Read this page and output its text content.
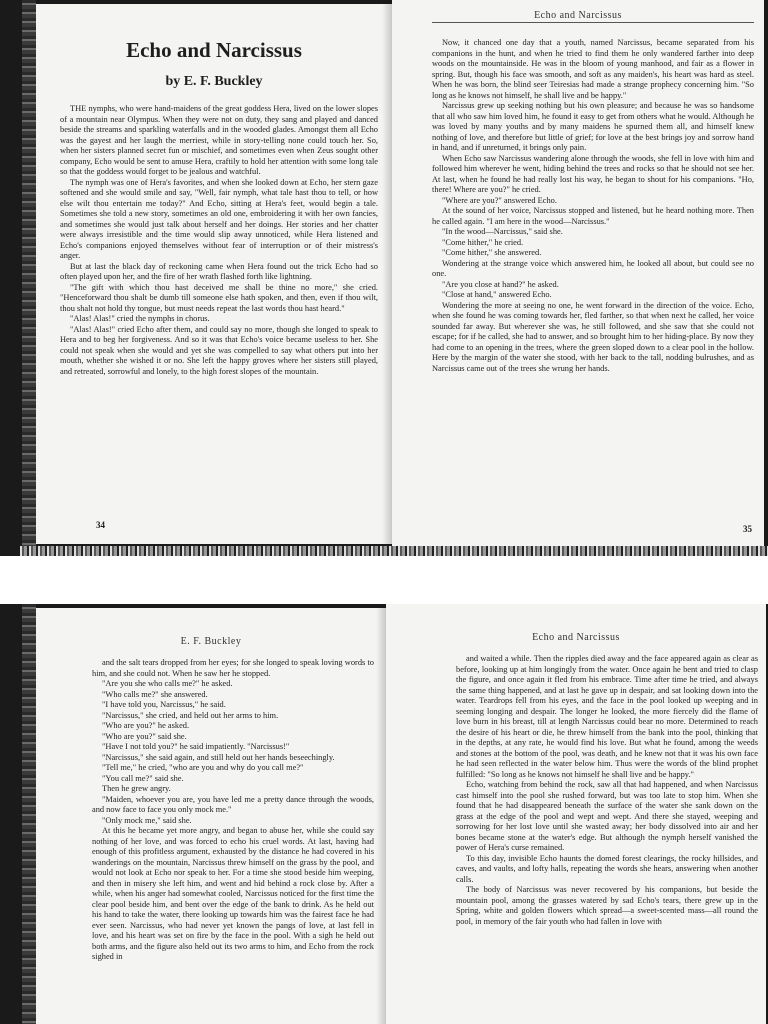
Echo and Narcissus
by E. F. Buckley

THE nymphs, who were hand-maidens of the great goddess Hera, lived on the lower slopes of a mountain near Olympus. When they were not on duty, they sang and played and danced beside the streams and sparkling waterfalls and in the wooded glades. Amongst them all Echo was the gayest and her laugh the merriest, while in story-telling none could touch her. So, when her sisters planned secret fun or mischief, and sometimes even when Zeus sought other company, Echo would be sent to amuse Hera, craftily to hold her attention with some long tale so that the goddess would forget to be jealous and watchful.

The nymph was one of Hera's favorites, and when she looked down at Echo, her stern gaze softened and she would smile and say, "Well, fair nymph, what tale hast thou to tell, or how else wilt thou entertain me today?" And Echo, sitting at Hera's feet, would begin a tale. Sometimes she told a new story, sometimes an old one, embroidering it with her own fancies, and sometimes she would just talk about herself and her doings. Her stories and her chatter were always irresistible and the time would slip away unnoticed, while Hera listened and Echo's companions enjoyed themselves without fear of interruption or of their mistress's anger.

But at last the black day of reckoning came when Hera found out the trick Echo had so often played upon her, and the fire of her wrath flashed forth like lightning.

"The gift with which thou hast deceived me shall be thine no more," she cried. "Henceforward thou shalt be dumb till someone else hath spoken, and then, even if thou wilt, thou shalt not hold thy tongue, but must needs repeat the last words thou hast heard."

"Alas! Alas!" cried the nymphs in chorus.

"Alas! Alas!" cried Echo after them, and could say no more, though she longed to speak to Hera and to beg her forgiveness. And so it was that Echo's voice became useless to her. She could not speak when she would and yet she was compelled to say what others put into her mouth, whether she wished it or no. She left the happy groves where her sisters still played, and retreated, sorrowful and lonely, to the high forest slopes of the mountain.

34
Echo and Narcissus

Now, it chanced one day that a youth, named Narcissus, became separated from his companions in the hunt, and when he tried to find them he only wandered farther into deep woods on the mountainside. He was in the bloom of young manhood, and fair as a flower in spring. But, though his face was smooth, and soft as any maiden's, his heart was hard as steel. When he was born, the blind seer Teiresias had made a strange prophecy concerning him. "So long as he knows not himself, he shall live and be happy."

Narcissus grew up seeking nothing but his own pleasure; and because he was so handsome that all who saw him loved him, he found it easy to get from others what he would. Although he was loved by many youths and by many maidens he spurned them all, and himself knew nothing of love, and therefore but little of grief; for love at the best brings joy and sorrow hand in hand, and if unreturned, it brings only pain.

When Echo saw Narcissus wandering alone through the woods, she fell in love with him and followed him wherever he went, hiding behind the trees and rocks so that he should not see her. At last, when he found he had really lost his way, he began to shout for his companions. "Ho, there! Where are you?" he cried.

"Where are you?" answered Echo.

At the sound of her voice, Narcissus stopped and listened, but he heard nothing more. Then he called again. "I am here in the wood—Narcissus."

"In the wood—Narcissus," said she.

"Come hither," he cried.

"Come hither," she answered.

Wondering at the strange voice which answered him, he looked all about, but could see no one.

"Are you close at hand?" he asked.

"Close at hand," answered Echo.

Wondering the more at seeing no one, he went forward in the direction of the voice. Echo, when she found he was coming towards her, fled farther, so that when next he called, her voice sounded far away. But wherever she was, he still followed, and she saw that she could not escape; for if he called, she had to answer, and so brought him to her hiding-place. By now they had come to an opening in the trees, where the green sloped down to a clear pool in the hollow. Here by the margin of the water she stood, with her back to the tall, nodding bulrushes, and as Narcissus came out of the trees she wrung her hands.

35
E. F. Buckley

and the salt tears dropped from her eyes; for she longed to speak loving words to him, and she could not. When he saw her he stopped.

"Are you she who calls me?" he asked.

"Who calls me?" she answered.

"I have told you, Narcissus," he said.

"Narcissus," she cried, and held out her arms to him.

"Who are you?" he asked.

"Who are you?" said she.

"Have I not told you?" he said impatiently. "Narcissus!"

"Narcissus," she said again, and still held out her hands beseechingly.

"Tell me," he cried, "who are you and why do you call me?"

"You call me?" said she.

Then he grew angry.

"Maiden, whoever you are, you have led me a pretty dance through the woods, and now face to face you only mock me."

"Only mock me," said she.

At this he became yet more angry, and began to abuse her, while she could say nothing of her love, and was forced to echo his cruel words. At last, having had enough of this profitless argument, exhausted by the distance he had covered in his wanderings on the mountain, Narcissus threw himself on the grass by the pool, and would not look at Echo nor speak to her. For a time she stood beside him weeping, and then in misery she left him, and went and hid behind a rock close by. After a while, when his anger had somewhat cooled, Narcissus noticed for the first time the clear pool beside him, and bent over the edge of the bank to drink. As he held out his hand to take the water, there looking up towards him was the fairest face he had ever seen. Narcissus, who had never yet known the pangs of love, at last fell in love, and his heart was set on fire by the face in the pool. With a sigh he held out both arms, and the figure also held out its two arms to him, and Echo from the rock sighed in

Echo and Narcissus

and waited a while. Then the ripples died away and the face appeared again as clear as before, looking up at him longingly from the water. Once again he bent and tried to clasp the figure, and once again it fled from his embrace. Time after time he tried, and always the same thing happened, and at last he gave up in despair, and sat looking down into the water. Teardrops fell from his eyes, and the face in the pool looked up weeping and in seeming longing and despair. The longer he looked, the more fiercely did the flame of love burn in his breast, till at length Narcissus could bear no more. Determined to reach the desire of his heart or die, he threw himself from the bank into the pool, thinking that in the depths, at any rate, he would find his love. But what he found, among the weeds and stones at the bottom of the pool, was death, and he knew not that it was his own face he had seen reflected in the water below him. Thus were the words of the blind prophet fulfilled: "So long as he knows not himself he shall live and be happy."

Echo, watching from behind the rock, saw all that had happened, and when Narcissus cast himself into the pool she rushed forward, but was too late to stop him. When she found that he had disappeared beneath the surface of the water she sank down on the grass at the edge of the pool and wept and wept. And there she stayed, weeping and sorrowing for her lost love until she wasted away; her body dissolved into air and her bones became stone at the water's edge. But although the nymph herself vanished the power of Hera's curse remained.

To this day, invisible Echo haunts the domed forest clearings, the rocky hillsides, and caves, and vaults, and lofty halls, repeating the words she hears, answering when another calls.

The body of Narcissus was never recovered by his companions, but beside the mountain pool, among the grasses watered by sad Echo's tears, there grew up in the Spring, white and golden flowers which spread—a sweet-scented mass—all round the pool, in memory of the fair youth who had fallen in love with
